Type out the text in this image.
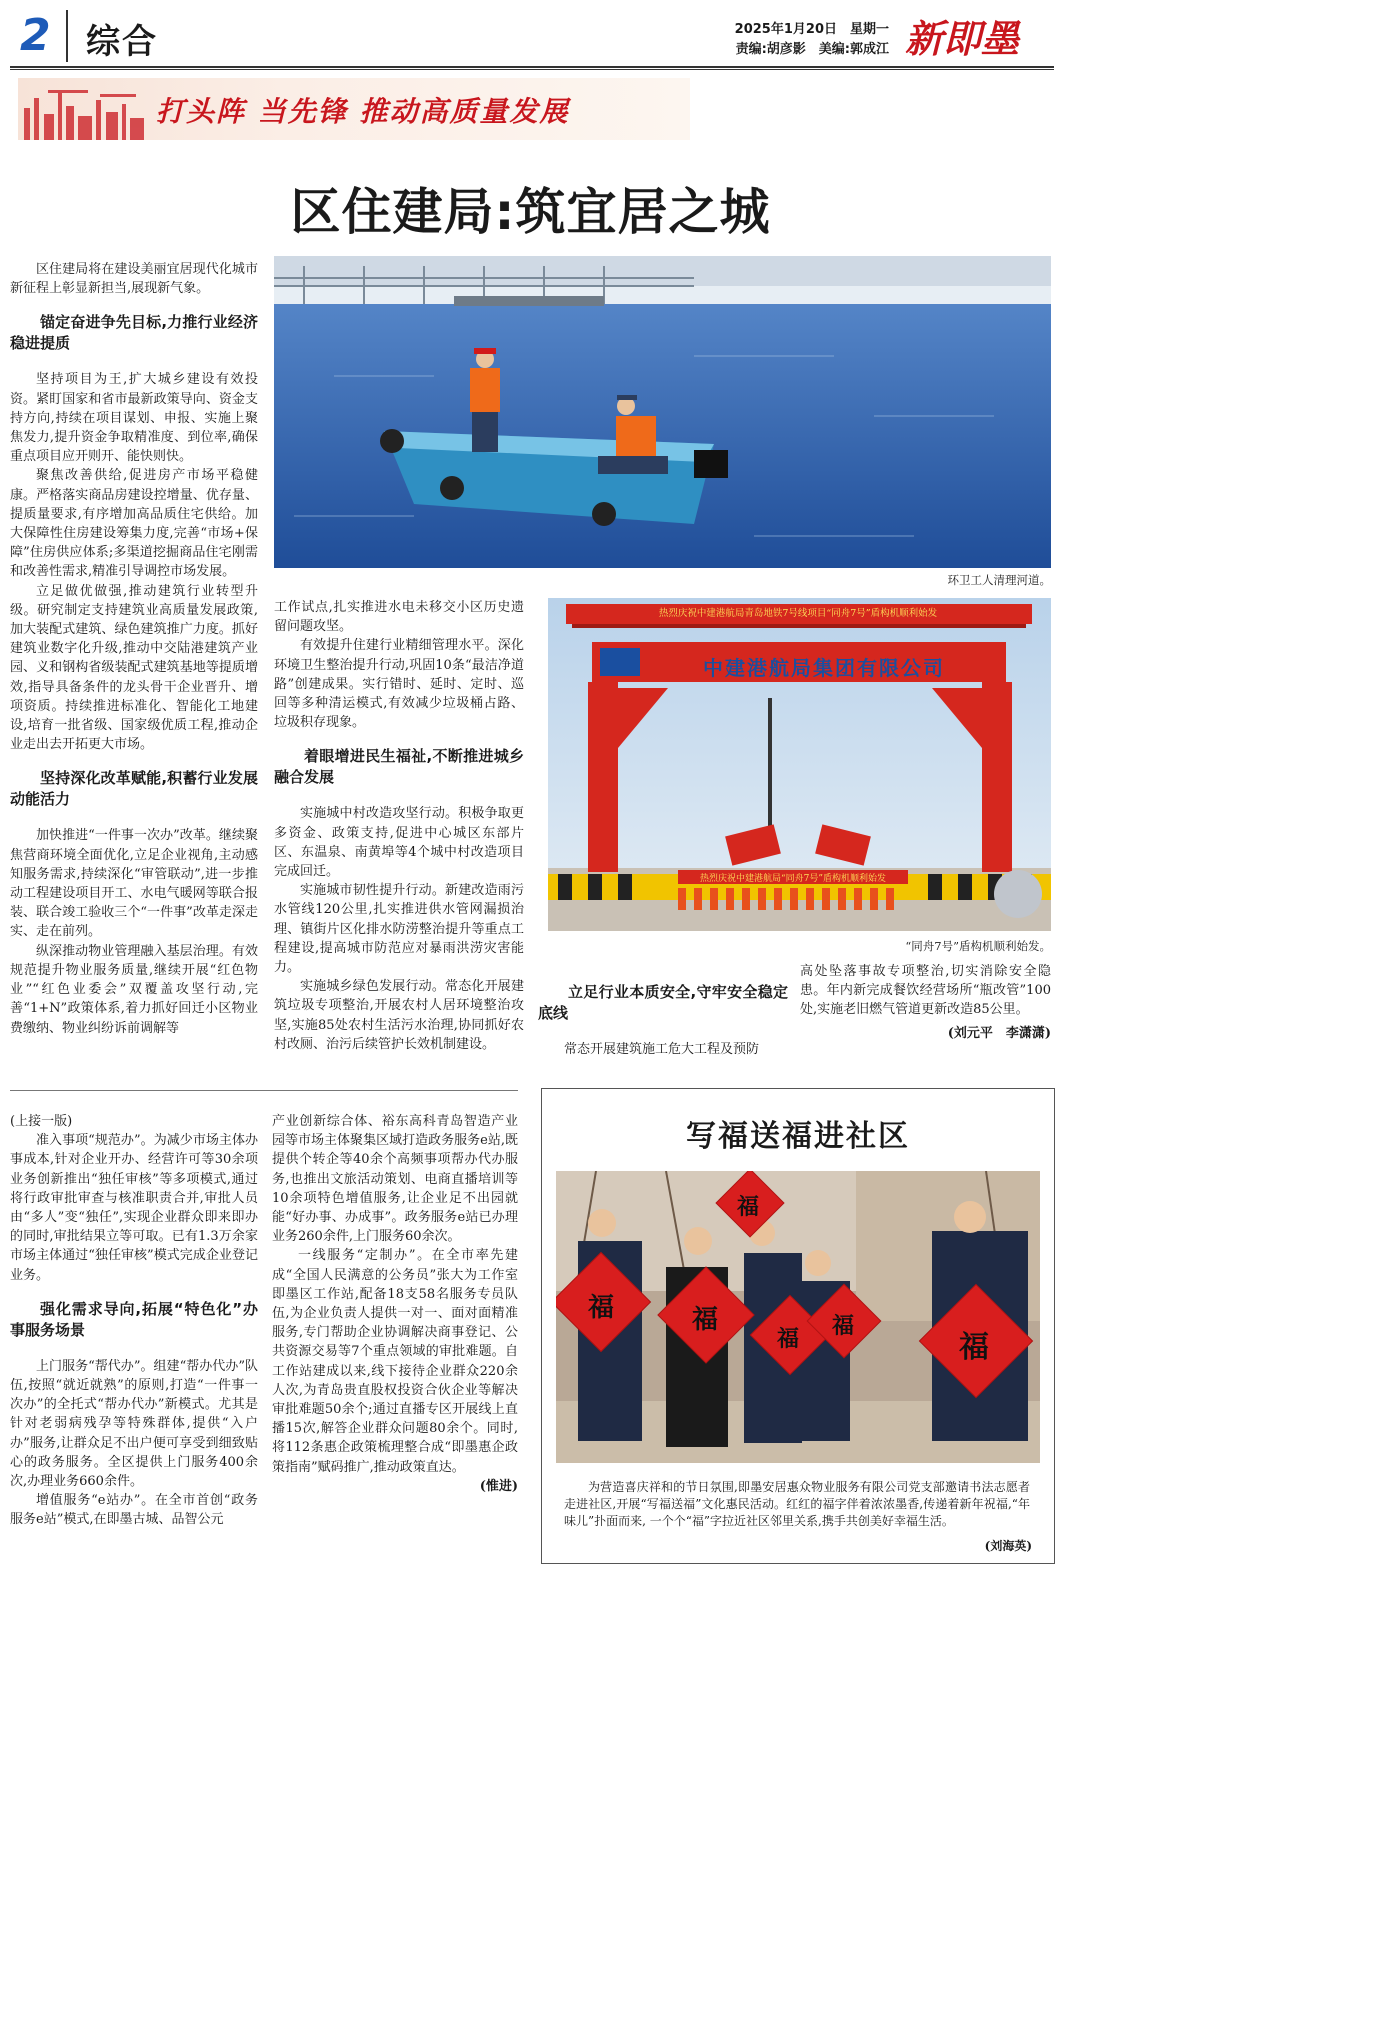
2 综合	2025年1月20日　星期一
责编:胡彦影　美编:郭成江 新即墨
打头阵 当先锋 推动高质量发展
区住建局:筑宜居之城
环卫工人清理河道。
热烈庆祝中建港航局青岛地铁7号线项目“同舟7号”盾构机顺利始发
中建港航局集团有限公司
热烈庆祝中建港航局“同舟7号”盾构机顺利始发
“同舟7号”盾构机顺利始发。

区住建局将在建设美丽宜居现代化城市新征程上彰显新担当,展现新气象。

锚定奋进争先目标,力推行业经济稳进提质

坚持项目为王,扩大城乡建设有效投资。紧盯国家和省市最新政策导向、资金支持方向,持续在项目谋划、申报、实施上聚焦发力,提升资金争取精准度、到位率,确保重点项目应开则开、能快则快。

聚焦改善供给,促进房产市场平稳健康。严格落实商品房建设控增量、优存量、提质量要求,有序增加高品质住宅供给。加大保障性住房建设筹集力度,完善“市场+保障”住房供应体系;多渠道挖掘商品住宅刚需和改善性需求,精准引导调控市场发展。

立足做优做强,推动建筑行业转型升级。研究制定支持建筑业高质量发展政策,加大装配式建筑、绿色建筑推广力度。抓好建筑业数字化升级,推动中交陆港建筑产业园、义和钢构省级装配式建筑基地等提质增效,指导具备条件的龙头骨干企业晋升、增项资质。持续推进标准化、智能化工地建设,培育一批省级、国家级优质工程,推动企业走出去开拓更大市场。

坚持深化改革赋能,积蓄行业发展动能活力

加快推进“一件事一次办”改革。继续聚焦营商环境全面优化,立足企业视角,主动感知服务需求,持续深化“审管联动”,进一步推动工程建设项目开工、水电气暖网等联合报装、联合竣工验收三个“一件事”改革走深走实、走在前列。

纵深推动物业管理融入基层治理。有效规范提升物业服务质量,继续开展“红色物业”“红色业委会”双覆盖攻坚行动,完善“1+N”政策体系,着力抓好回迁小区物业费缴纳、物业纠纷诉前调解等

工作试点,扎实推进水电未移交小区历史遗留问题攻坚。

有效提升住建行业精细管理水平。深化环境卫生整治提升行动,巩固10条“最洁净道路”创建成果。实行错时、延时、定时、巡回等多种清运模式,有效减少垃圾桶占路、垃圾积存现象。

着眼增进民生福祉,不断推进城乡融合发展

实施城中村改造攻坚行动。积极争取更多资金、政策支持,促进中心城区东部片区、东温泉、南黄埠等4个城中村改造项目完成回迁。

实施城市韧性提升行动。新建改造雨污水管线120公里,扎实推进供水管网漏损治理、镇街片区化排水防涝整治提升等重点工程建设,提高城市防范应对暴雨洪涝灾害能力。

实施城乡绿色发展行动。常态化开展建筑垃圾专项整治,开展农村人居环境整治攻坚,实施85处农村生活污水治理,协同抓好农村改厕、治污后续管护长效机制建设。

立足行业本质安全,守牢安全稳定底线

常态开展建筑施工危大工程及预防

高处坠落事故专项整治,切实消除安全隐患。年内新完成餐饮经营场所“瓶改管”100处,实施老旧燃气管道更新改造85公里。

(刘元平　李潇潇)

(上接一版)

准入事项“规范办”。为减少市场主体办事成本,针对企业开办、经营许可等30余项业务创新推出“独任审核”等多项模式,通过将行政审批审查与核准职责合并,审批人员由“多人”变“独任”,实现企业群众即来即办的同时,审批结果立等可取。已有1.3万余家市场主体通过“独任审核”模式完成企业登记业务。

强化需求导向,拓展“特色化”办事服务场景

上门服务“帮代办”。组建“帮办代办”队伍,按照“就近就熟”的原则,打造“一件事一次办”的全托式“帮办代办”新模式。尤其是针对老弱病残孕等特殊群体,提供“入户办”服务,让群众足不出户便可享受到细致贴心的政务服务。全区提供上门服务400余次,办理业务660余件。

增值服务“e站办”。在全市首创“政务服务e站”模式,在即墨古城、品智公元

产业创新综合体、裕东高科青岛智造产业园等市场主体聚集区域打造政务服务e站,既提供个转企等40余个高频事项帮办代办服务,也推出文旅活动策划、电商直播培训等10余项特色增值服务,让企业足不出园就能“好办事、办成事”。政务服务e站已办理业务260余件,上门服务60余次。

一线服务“定制办”。在全市率先建成“全国人民满意的公务员”张大为工作室即墨区工作站,配备18支58名服务专员队伍,为企业负责人提供一对一、面对面精准服务,专门帮助企业协调解决商事登记、公共资源交易等7个重点领域的审批难题。自工作站建成以来,线下接待企业群众220余人次,为青岛贵直股权投资合伙企业等解决审批难题50余个;通过直播专区开展线上直播15次,解答企业群众问题80余个。同时,将112条惠企政策梳理整合成“即墨惠企政策指南”赋码推广,推动政策直达。

(惟进)
写福送福进社区
福	福
福
福 福
福
为营造喜庆祥和的节日氛围,即墨安居惠众物业服务有限公司党支部邀请书法志愿者走进社区,开展“写福送福”文化惠民活动。红红的福字伴着浓浓墨香,传递着新年祝福,“年味儿”扑面而来, 一个个“福”字拉近社区邻里关系,携手共创美好幸福生活。
(刘海英)
